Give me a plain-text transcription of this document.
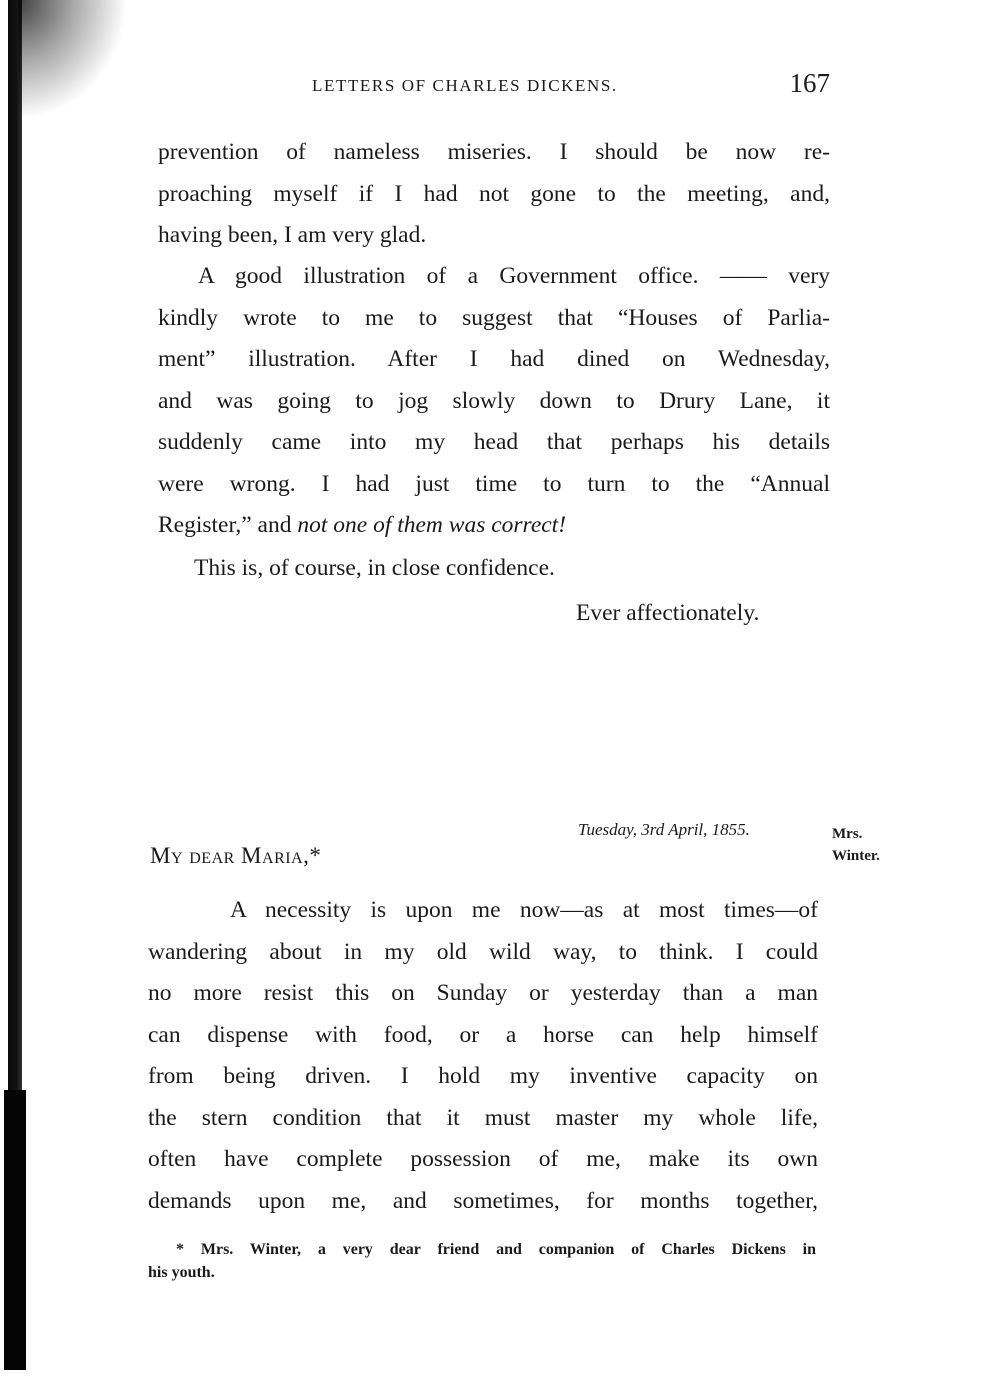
LETTERS OF CHARLES DICKENS.	167
prevention of nameless miseries. I should be now re-
proaching myself if I had not gone to the meeting, and,
having been, I am very glad.
A good illustration of a Government office. —— very
kindly wrote to me to suggest that “Houses of Parlia-
ment” illustration. After I had dined on Wednesday,
and was going to jog slowly down to Drury Lane, it
suddenly came into my head that perhaps his details
were wrong. I had just time to turn to the “Annual
Register,” and not one of them was correct!
This is, of course, in close confidence.
Ever affectionately.
Tuesday, 3rd April, 1855.	Mrs.
Winter.
My dear Maria,*
A necessity is upon me now—as at most times—of
wandering about in my old wild way, to think. I could
no more resist this on Sunday or yesterday than a man
can dispense with food, or a horse can help himself
from being driven. I hold my inventive capacity on
the stern condition that it must master my whole life,
often have complete possession of me, make its own
demands upon me, and sometimes, for months together,
* Mrs. Winter, a very dear friend and companion of Charles Dickens in
his youth.
